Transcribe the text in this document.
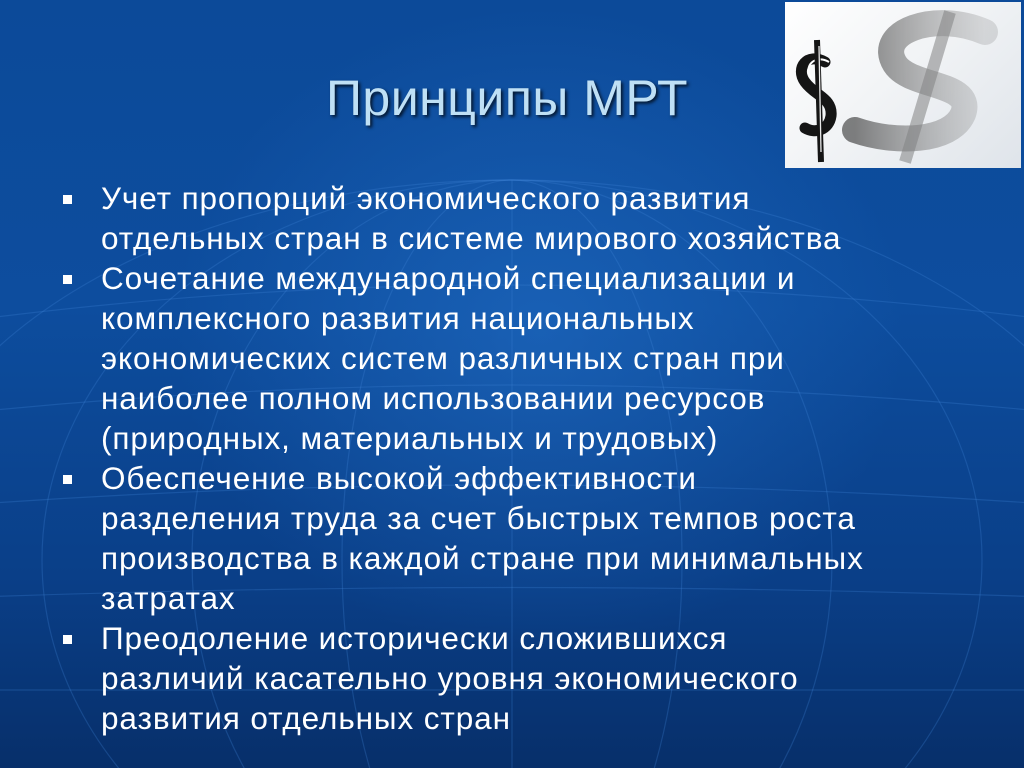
Принципы МРТ
Учет пропорций экономического развития
отдельных стран в системе мирового хозяйства
Сочетание международной специализации и
комплексного развития национальных
экономических систем различных стран при
наиболее полном использовании ресурсов
(природных, материальных и трудовых)
Обеспечение высокой эффективности
разделения труда за счет быстрых темпов роста
производства в каждой стране при минимальных
затратах
Преодоление исторически сложившихся
различий касательно уровня экономического
развития отдельных стран
